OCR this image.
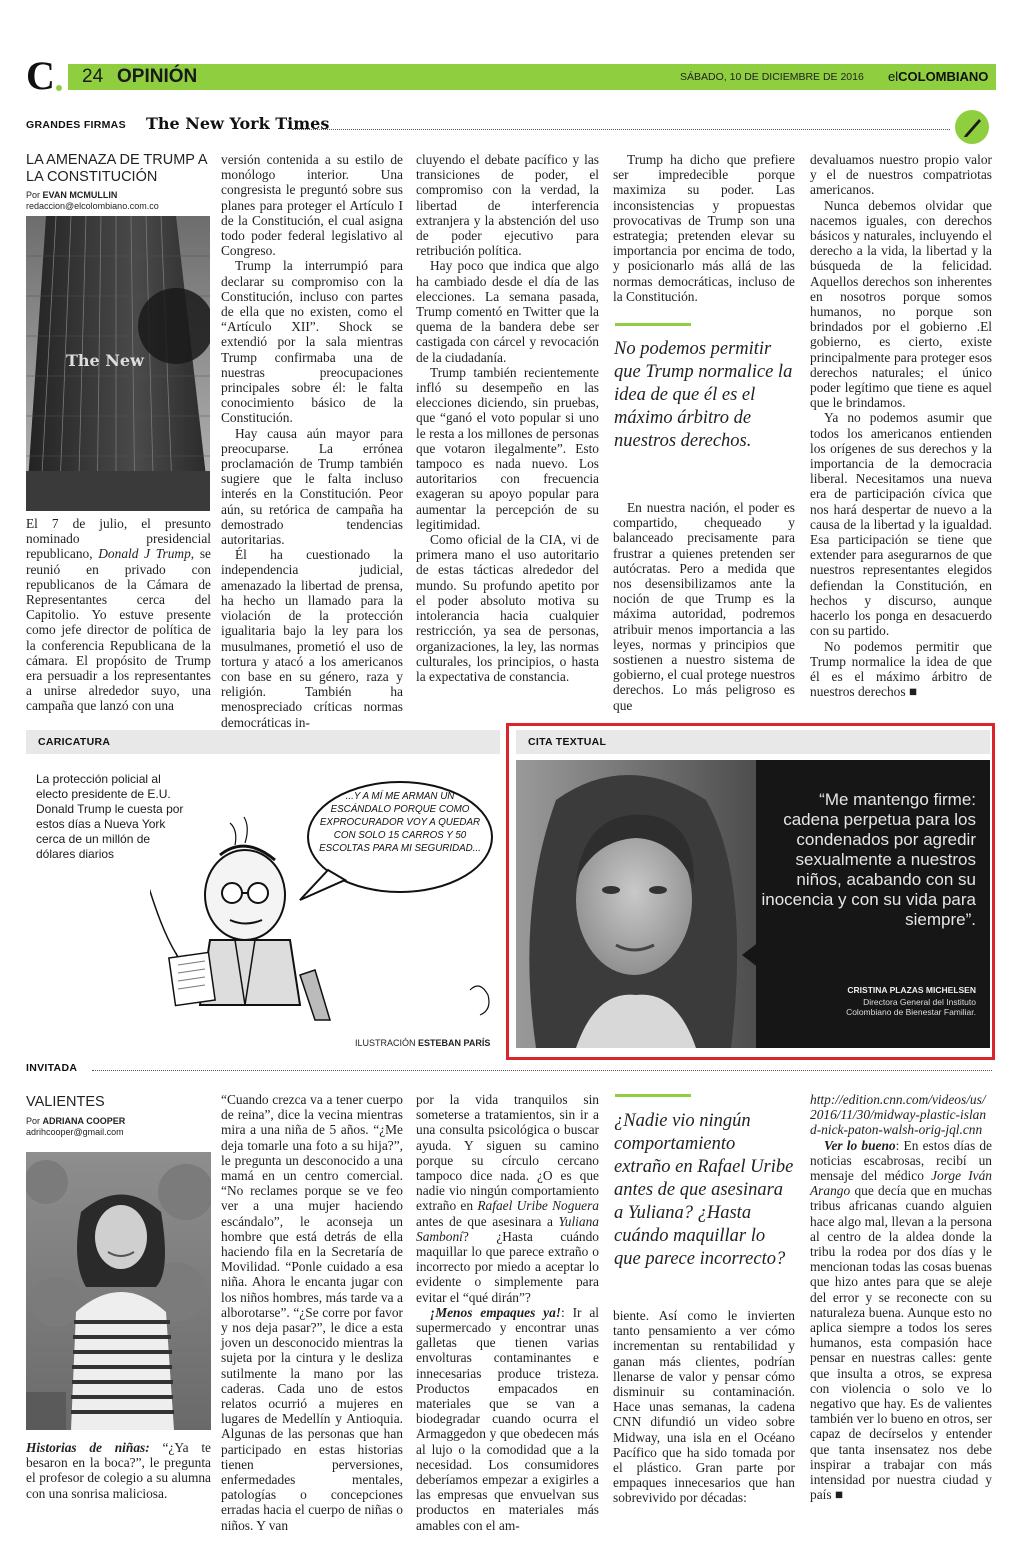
C 24 OPINIÓN	SÁBADO, 10 DE DICIEMBRE DE 2016 elCOLOMBIANO
GRANDES FIRMAS The New York Times
LA AMENAZA DE TRUMP A LA CONSTITUCIÓN
Por EVAN MCMULLIN
redaccion@elcolombiano.com.co
The New

El 7 de julio, el presunto nominado presidencial republicano, Donald J Trump, se reunió en privado con republicanos de la Cámara de Representantes cerca del Capitolio. Yo estuve presente como jefe director de política de la conferencia Republicana de la cámara. El propósito de Trump era persuadir a los representantes a unirse alrededor suyo, una campaña que lanzó con una

versión contenida a su estilo de monólogo interior. Una congresista le preguntó sobre sus planes para proteger el Artículo I de la Constitución, el cual asigna todo poder federal legislativo al Congreso.

Trump la interrumpió para declarar su compromiso con la Constitución, incluso con partes de ella que no existen, como el “Artículo XII”. Shock se extendió por la sala mientras Trump confirmaba una de nuestras preocupaciones principales sobre él: le falta conocimiento básico de la Constitución.

Hay causa aún mayor para preocuparse. La errónea proclamación de Trump también sugiere que le falta incluso interés en la Constitución. Peor aún, su retórica de campaña ha demostrado tendencias autoritarias.

Él ha cuestionado la independencia judicial, amenazado la libertad de prensa, ha hecho un llamado para la violación de la protección igualitaria bajo la ley para los musulmanes, prometió el uso de tortura y atacó a los americanos con base en su género, raza y religión. También ha menospreciado críticas normas democráticas in-

cluyendo el debate pacífico y las transiciones de poder, el compromiso con la verdad, la libertad de interferencia extranjera y la abstención del uso de poder ejecutivo para retribución política.

Hay poco que indica que algo ha cambiado desde el día de las elecciones. La semana pasada, Trump comentó en Twitter que la quema de la bandera debe ser castigada con cárcel y revocación de la ciudadanía.

Trump también recientemente infló su desempeño en las elecciones diciendo, sin pruebas, que “ganó el voto popular si uno le resta a los millones de personas que votaron ilegalmente”. Esto tampoco es nada nuevo. Los autoritarios con frecuencia exageran su apoyo popular para aumentar la percepción de su legitimidad.

Como oficial de la CIA, vi de primera mano el uso autoritario de estas tácticas alrededor del mundo. Su profundo apetito por el poder absoluto motiva su intolerancia hacia cualquier restricción, ya sea de personas, organizaciones, la ley, las normas culturales, los principios, o hasta la expectativa de constancia.

Trump ha dicho que prefiere ser impredecible porque maximiza su poder. Las inconsistencias y propuestas provocativas de Trump son una estrategia; pretenden elevar su importancia por encima de todo, y posicionarlo más allá de las normas democráticas, incluso de la Constitución.

No podemos permitir que Trump normalice la idea de que él es el máximo árbitro de nuestros derechos.

En nuestra nación, el poder es compartido, chequeado y balanceado precisamente para frustrar a quienes pretenden ser autócratas. Pero a medida que nos desensibilizamos ante la noción de que Trump es la máxima autoridad, podremos atribuir menos importancia a las leyes, normas y principios que sostienen a nuestro sistema de gobierno, el cual protege nuestros derechos. Lo más peligroso es que

devaluamos nuestro propio valor y el de nuestros compatriotas americanos.

Nunca debemos olvidar que nacemos iguales, con derechos básicos y naturales, incluyendo el derecho a la vida, la libertad y la búsqueda de la felicidad. Aquellos derechos son inherentes en nosotros porque somos humanos, no porque son brindados por el gobierno .El gobierno, es cierto, existe principalmente para proteger esos derechos naturales; el único poder legítimo que tiene es aquel que le brindamos.

Ya no podemos asumir que todos los americanos entienden los orígenes de sus derechos y la importancia de la democracia liberal. Necesitamos una nueva era de participación cívica que nos hará despertar de nuevo a la causa de la libertad y la igualdad. Esa participación se tiene que extender para asegurarnos de que nuestros representantes elegidos defiendan la Constitución, en hechos y discurso, aunque hacerlo los ponga en desacuerdo con su partido.

No podemos permitir que Trump normalice la idea de que él es el máximo árbitro de nuestros derechos ■

CARICATURA
La protección policial al electo presidente de E.U. Donald Trump le cuesta por estos días a Nueva York cerca de un millón de dólares diarios
...Y A MÍ ME ARMAN UN ESCÁNDALO PORQUE COMO EXPROCURADOR VOY A QUEDAR CON SOLO 15 CARROS Y 50 ESCOLTAS PARA MI SEGURIDAD...
ILUSTRACIÓN ESTEBAN PARÍS
CITA TEXTUAL
“Me mantengo firme: cadena perpetua para los condenados por agredir sexualmente a nuestros niños, acabando con su inocencia y con su vida para siempre”.
CRISTINA PLAZAS MICHELSEN
Directora General del Instituto
Colombiano de Bienestar Familiar.
INVITADA
VALIENTES
Por ADRIANA COOPER
adrihcooper@gmail.com

Historias de niñas: “¿Ya te besaron en la boca?”, le pregunta el profesor de colegio a su alumna con una sonrisa maliciosa.

“Cuando crezca va a tener cuerpo de reina”, dice la vecina mientras mira a una niña de 5 años. “¿Me deja tomarle una foto a su hija?”, le pregunta un desconocido a una mamá en un centro comercial. “No reclames porque se ve feo ver a una mujer haciendo escándalo”, le aconseja un hombre que está detrás de ella haciendo fila en la Secretaría de Movilidad. “Ponle cuidado a esa niña. Ahora le encanta jugar con los niños hombres, más tarde va a alborotarse”. “¿Se corre por favor y nos deja pasar?”, le dice a esta joven un desconocido mientras la sujeta por la cintura y le desliza sutilmente la mano por las caderas. Cada uno de estos relatos ocurrió a mujeres en lugares de Medellín y Antioquia. Algunas de las personas que han participado en estas historias tienen perversiones, enfermedades mentales, patologías o concepciones erradas hacia el cuerpo de niñas o niños. Y van

por la vida tranquilos sin someterse a tratamientos, sin ir a una consulta psicológica o buscar ayuda. Y siguen su camino porque su círculo cercano tampoco dice nada. ¿O es que nadie vio ningún comportamiento extraño en Rafael Uribe Noguera antes de que asesinara a Yuliana Samboní? ¿Hasta cuándo maquillar lo que parece extraño o incorrecto por miedo a aceptar lo evidente o simplemente para evitar el “qué dirán”?

¡Menos empaques ya!: Ir al supermercado y encontrar unas galletas que tienen varias envolturas contaminantes e innecesarias produce tristeza. Productos empacados en materiales que se van a biodegradar cuando ocurra el Armaggedon y que obedecen más al lujo o la comodidad que a la necesidad. Los consumidores deberíamos empezar a exigirles a las empresas que envuelvan sus productos en materiales más amables con el am-

¿Nadie vio ningún comportamiento extraño en Rafael Uribe antes de que asesinara a Yuliana? ¿Hasta cuándo maquillar lo que parece incorrecto?

biente. Así como le invierten tanto pensamiento a ver cómo incrementan su rentabilidad y ganan más clientes, podrían llenarse de valor y pensar cómo disminuir su contaminación. Hace unas semanas, la cadena CNN difundió un video sobre Midway, una isla en el Océano Pacífico que ha sido tomada por el plástico. Gran parte por empaques innecesarios que han sobrevivido por décadas:

http://edition.cnn.com/videos/us/2016/11/30/midway-plastic-island-nick-paton-walsh-orig-jql.cnn

Ver lo bueno: En estos días de noticias escabrosas, recibí un mensaje del médico Jorge Iván Arango que decía que en muchas tribus africanas cuando alguien hace algo mal, llevan a la persona al centro de la aldea donde la tribu la rodea por dos días y le mencionan todas las cosas buenas que hizo antes para que se aleje del error y se reconecte con su naturaleza buena. Aunque esto no aplica siempre a todos los seres humanos, esta compasión hace pensar en nuestras calles: gente que insulta a otros, se expresa con violencia o solo ve lo negativo que hay. Es de valientes también ver lo bueno en otros, ser capaz de decírselos y entender que tanta insensatez nos debe inspirar a trabajar con más intensidad por nuestra ciudad y país ■
